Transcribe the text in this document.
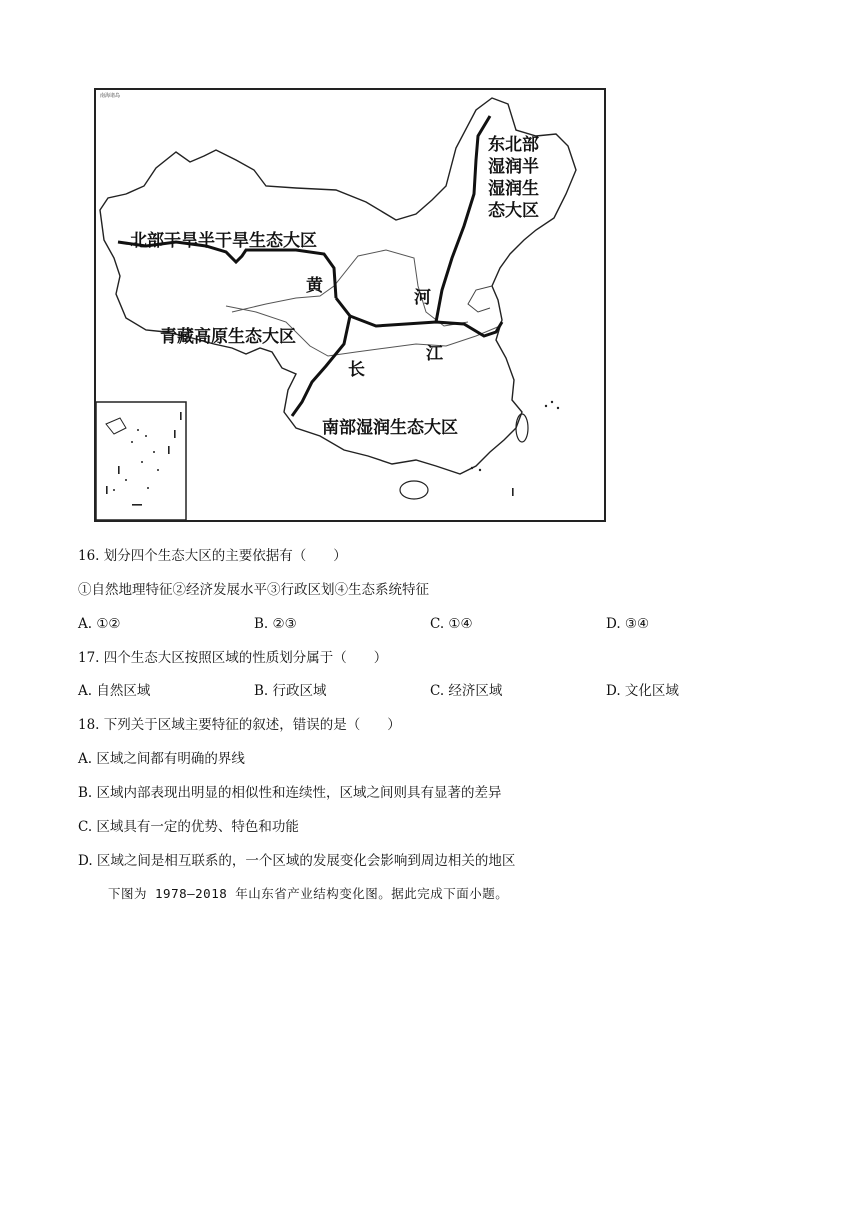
南海诸岛
东北部
湿润半
湿润生
态大区
北部干旱半干旱生态大区
青藏高原生态大区
南部湿润生态大区
黄
河
长
江
16. 划分四个生态大区的主要依据有（　　）
①自然地理特征②经济发展水平③行政区划④生态系统特征
A. ①②	B. ②③	C. ①④	D. ③④
17. 四个生态大区按照区域的性质划分属于（　　）
A. 自然区域	B. 行政区域	C. 经济区域	D. 文化区域
18. 下列关于区域主要特征的叙述，错误的是（　　）
A. 区域之间都有明确的界线
B. 区域内部表现出明显的相似性和连续性，区域之间则具有显著的差异
C. 区域具有一定的优势、特色和功能
D. 区域之间是相互联系的，一个区域的发展变化会影响到周边相关的地区
下图为 1978—2018 年山东省产业结构变化图。据此完成下面小题。
